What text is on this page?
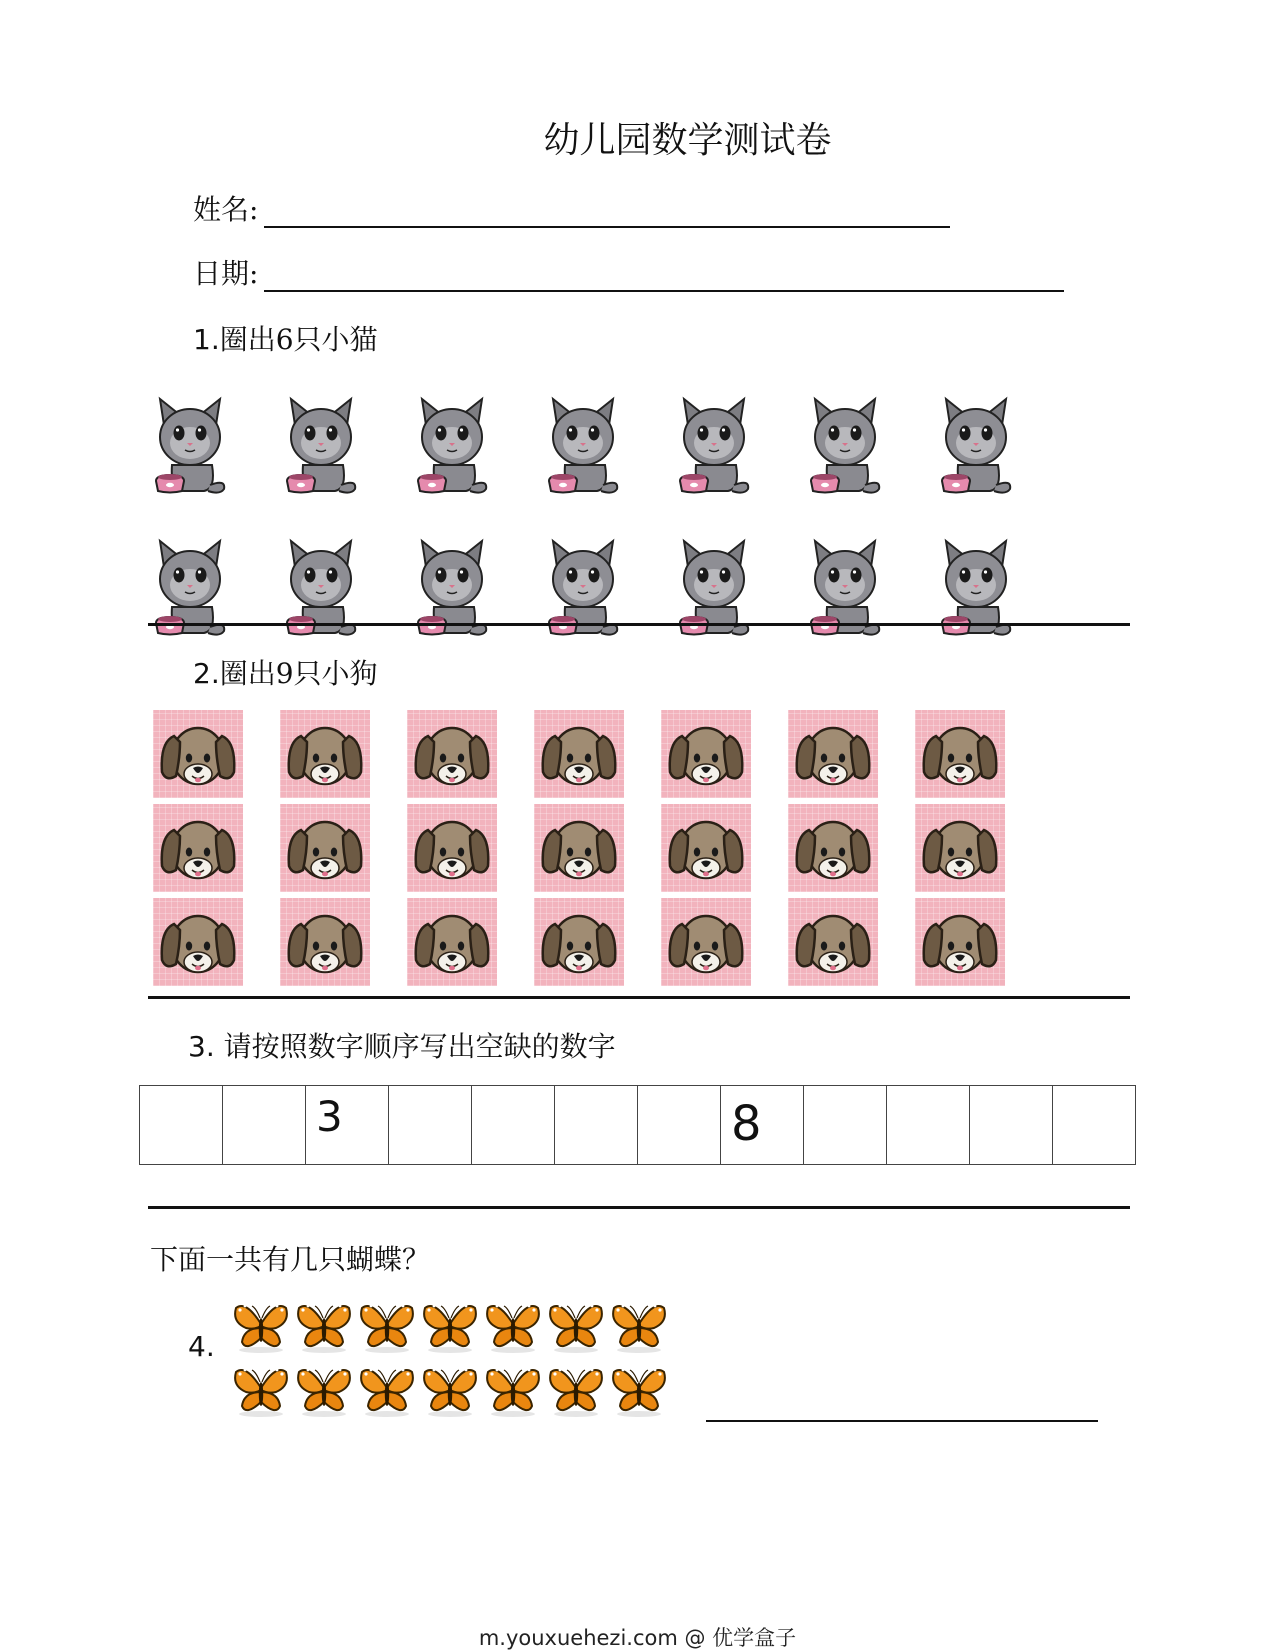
幼儿园数学测试卷
姓名:
日期:
1.圈出6只小猫
2.圈出9只小狗
3. 请按照数字顺序写出空缺的数字

3					8

下面一共有几只蝴蝶？
4.
m.youxuehezi.com @ 优学盒子
